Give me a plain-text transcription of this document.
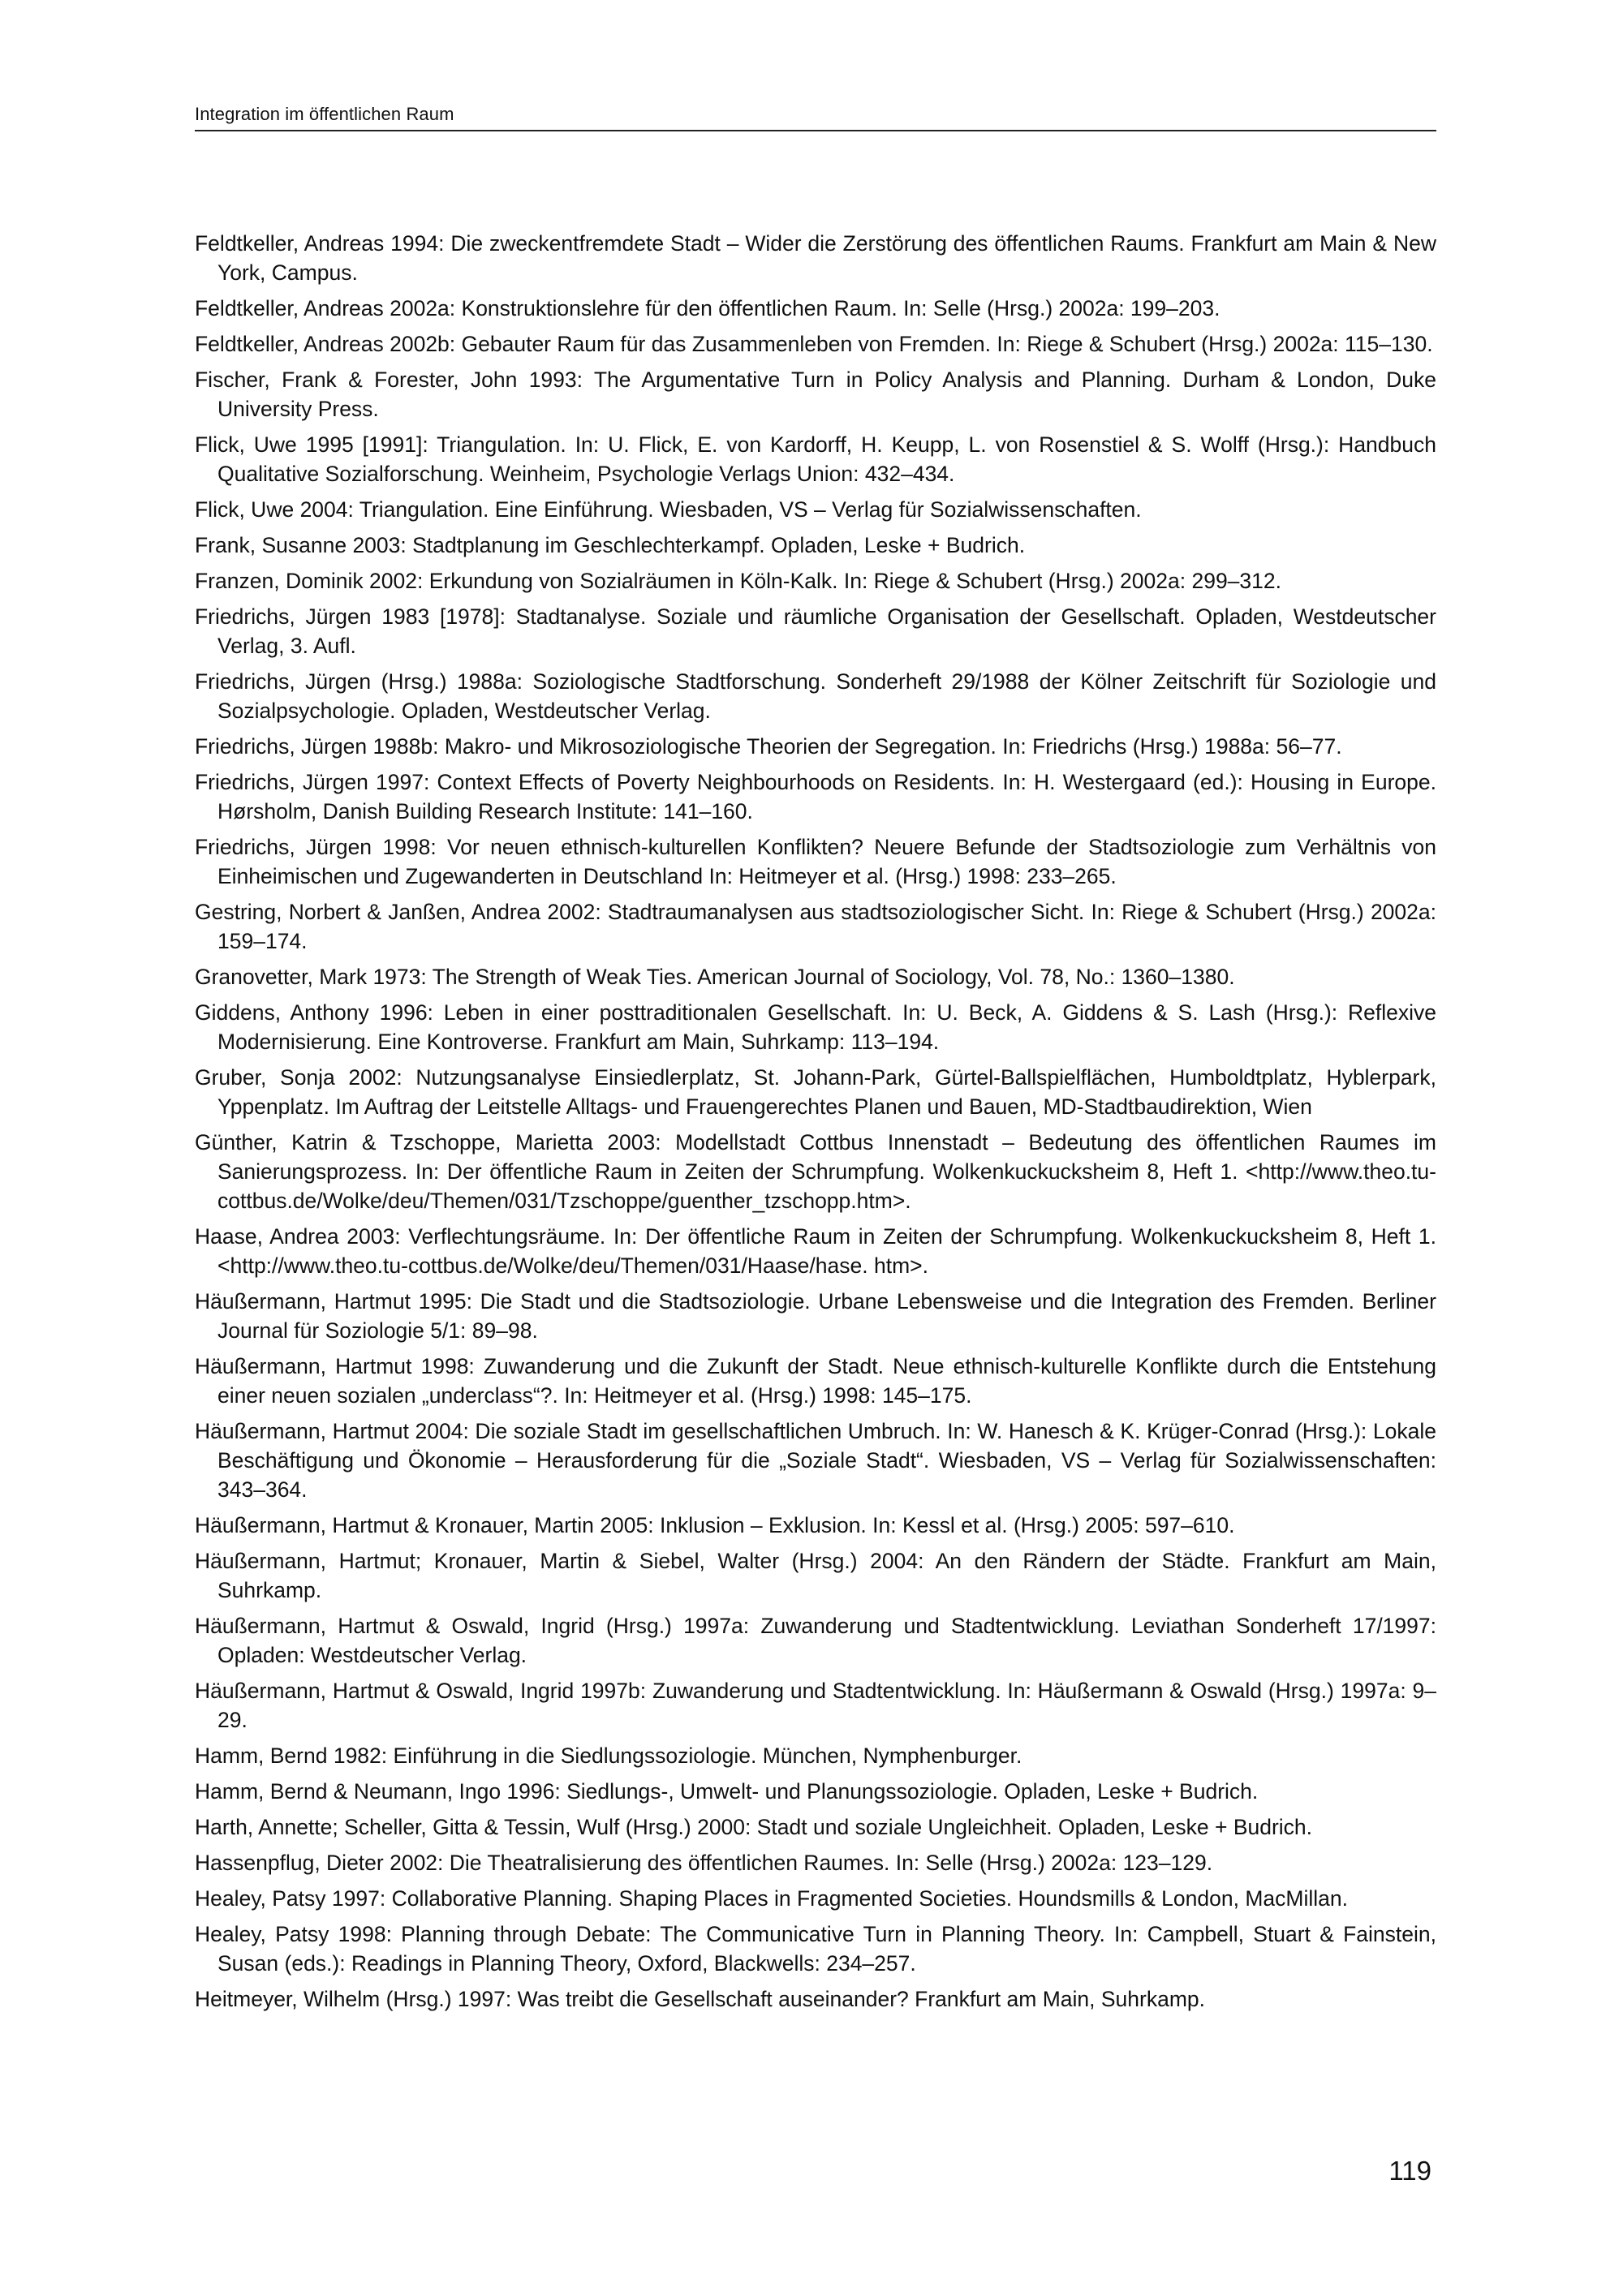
Integration im öffentlichen Raum
Feldtkeller, Andreas 1994: Die zweckentfremdete Stadt – Wider die Zerstörung des öffentlichen Raums. Frankfurt am Main & New York, Campus.
Feldtkeller, Andreas 2002a: Konstruktionslehre für den öffentlichen Raum. In: Selle (Hrsg.) 2002a: 199–203.
Feldtkeller, Andreas 2002b: Gebauter Raum für das Zusammenleben von Fremden. In: Riege & Schubert (Hrsg.) 2002a: 115–130.
Fischer, Frank & Forester, John 1993: The Argumentative Turn in Policy Analysis and Planning. Durham & London, Duke University Press.
Flick, Uwe 1995 [1991]: Triangulation. In: U. Flick, E. von Kardorff, H. Keupp, L. von Rosenstiel & S. Wolff (Hrsg.): Handbuch Qualitative Sozialforschung. Weinheim, Psychologie Verlags Union: 432–434.
Flick, Uwe 2004: Triangulation. Eine Einführung. Wiesbaden, VS – Verlag für Sozialwissenschaften.
Frank, Susanne 2003: Stadtplanung im Geschlechterkampf. Opladen, Leske + Budrich.
Franzen, Dominik 2002: Erkundung von Sozialräumen in Köln-Kalk. In: Riege & Schubert (Hrsg.) 2002a: 299–312.
Friedrichs, Jürgen 1983 [1978]: Stadtanalyse. Soziale und räumliche Organisation der Gesellschaft. Opladen, Westdeutscher Verlag, 3. Aufl.
Friedrichs, Jürgen (Hrsg.) 1988a: Soziologische Stadtforschung. Sonderheft 29/1988 der Kölner Zeitschrift für Soziologie und Sozialpsychologie. Opladen, Westdeutscher Verlag.
Friedrichs, Jürgen 1988b: Makro- und Mikrosoziologische Theorien der Segregation. In: Friedrichs (Hrsg.) 1988a: 56–77.
Friedrichs, Jürgen 1997: Context Effects of Poverty Neighbourhoods on Residents. In: H. Westergaard (ed.): Housing in Europe. Hørsholm, Danish Building Research Institute: 141–160.
Friedrichs, Jürgen 1998: Vor neuen ethnisch-kulturellen Konflikten? Neuere Befunde der Stadtsoziologie zum Verhältnis von Einheimischen und Zugewanderten in Deutschland In: Heitmeyer et al. (Hrsg.) 1998: 233–265.
Gestring, Norbert & Janßen, Andrea 2002: Stadtraumanalysen aus stadtsoziologischer Sicht. In: Riege & Schubert (Hrsg.) 2002a: 159–174.
Granovetter, Mark 1973: The Strength of Weak Ties. American Journal of Sociology, Vol. 78, No.: 1360–1380.
Giddens, Anthony 1996: Leben in einer posttraditionalen Gesellschaft. In: U. Beck, A. Giddens & S. Lash (Hrsg.): Reflexive Modernisierung. Eine Kontroverse. Frankfurt am Main, Suhrkamp: 113–194.
Gruber, Sonja 2002: Nutzungsanalyse Einsiedlerplatz, St. Johann-Park, Gürtel-Ballspielflächen, Humboldtplatz, Hyblerpark, Yppenplatz. Im Auftrag der Leitstelle Alltags- und Frauengerechtes Planen und Bauen, MD-Stadtbaudirektion, Wien
Günther, Katrin & Tzschoppe, Marietta 2003: Modellstadt Cottbus Innenstadt – Bedeutung des öffentlichen Raumes im Sanierungsprozess. In: Der öffentliche Raum in Zeiten der Schrumpfung. Wolkenkuckucksheim 8, Heft 1. <http://www.theo.tu-cottbus.de/Wolke/deu/Themen/031/Tzschoppe/guenther_tzschopp.htm>.
Haase, Andrea 2003: Verflechtungsräume. In: Der öffentliche Raum in Zeiten der Schrumpfung. Wolkenkuckucksheim 8, Heft 1. <http://www.theo.tu-cottbus.de/Wolke/deu/Themen/031/Haase/hase. htm>.
Häußermann, Hartmut 1995: Die Stadt und die Stadtsoziologie. Urbane Lebensweise und die Integration des Fremden. Berliner Journal für Soziologie 5/1: 89–98.
Häußermann, Hartmut 1998: Zuwanderung und die Zukunft der Stadt. Neue ethnisch-kulturelle Konflikte durch die Entstehung einer neuen sozialen „underclass“?. In: Heitmeyer et al. (Hrsg.) 1998: 145–175.
Häußermann, Hartmut 2004: Die soziale Stadt im gesellschaftlichen Umbruch. In: W. Hanesch & K. Krüger-Conrad (Hrsg.): Lokale Beschäftigung und Ökonomie – Herausforderung für die „Soziale Stadt“. Wiesbaden, VS – Verlag für Sozialwissenschaften: 343–364.
Häußermann, Hartmut & Kronauer, Martin 2005: Inklusion – Exklusion. In: Kessl et al. (Hrsg.) 2005: 597–610.
Häußermann, Hartmut; Kronauer, Martin & Siebel, Walter (Hrsg.) 2004: An den Rändern der Städte. Frankfurt am Main, Suhrkamp.
Häußermann, Hartmut & Oswald, Ingrid (Hrsg.) 1997a: Zuwanderung und Stadtentwicklung. Leviathan Sonderheft 17/1997: Opladen: Westdeutscher Verlag.
Häußermann, Hartmut & Oswald, Ingrid 1997b: Zuwanderung und Stadtentwicklung. In: Häußermann & Oswald (Hrsg.) 1997a: 9–29.
Hamm, Bernd 1982: Einführung in die Siedlungssoziologie. München, Nymphenburger.
Hamm, Bernd & Neumann, Ingo 1996: Siedlungs-, Umwelt- und Planungssoziologie. Opladen, Leske + Budrich.
Harth, Annette; Scheller, Gitta & Tessin, Wulf (Hrsg.) 2000: Stadt und soziale Ungleichheit. Opladen, Leske + Budrich.
Hassenpflug, Dieter 2002: Die Theatralisierung des öffentlichen Raumes. In: Selle (Hrsg.) 2002a: 123–129.
Healey, Patsy 1997: Collaborative Planning. Shaping Places in Fragmented Societies. Houndsmills & London, MacMillan.
Healey, Patsy 1998: Planning through Debate: The Communicative Turn in Planning Theory. In: Campbell, Stuart & Fainstein, Susan (eds.): Readings in Planning Theory, Oxford, Blackwells: 234–257.
Heitmeyer, Wilhelm (Hrsg.) 1997: Was treibt die Gesellschaft auseinander? Frankfurt am Main, Suhrkamp.
119
